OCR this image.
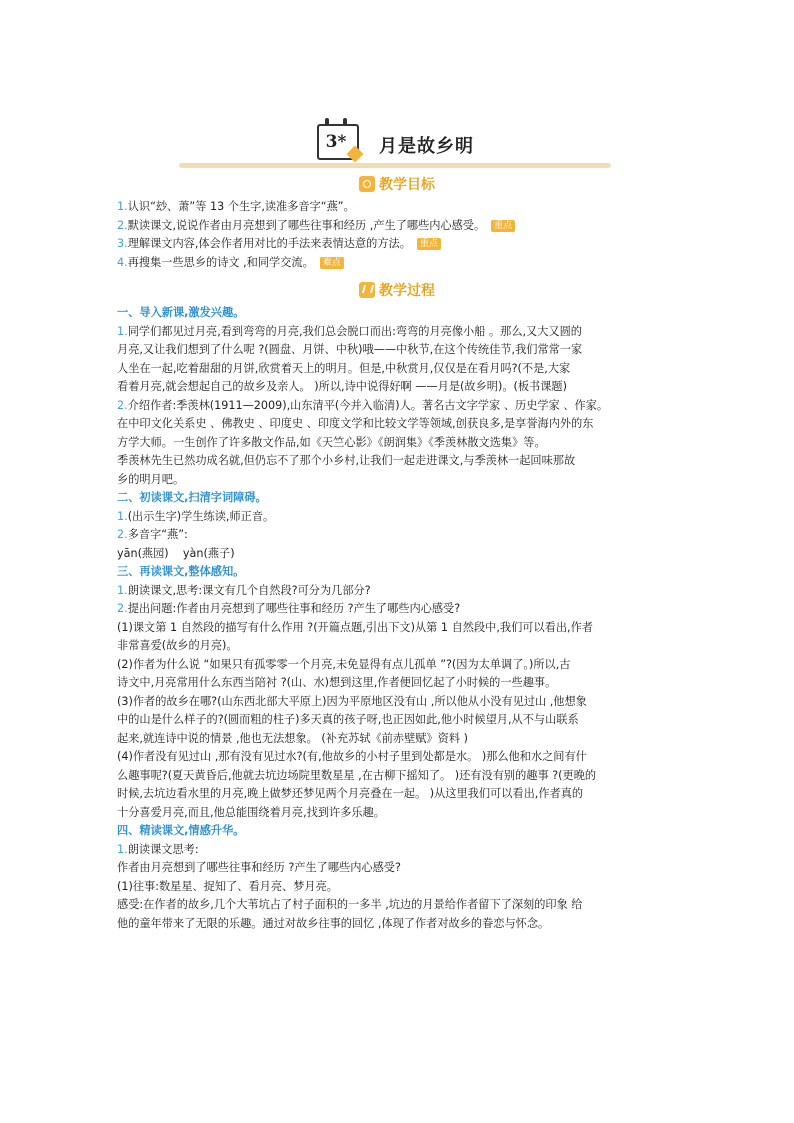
3*	月是故乡明
教学目标

1.认识“玅、萧”等 13 个生字,读准多音字“燕”。

2.默读课文,说说作者由月亮想到了哪些往事和经历 ,产生了哪些内心感受。 重点

3.理解课文内容,体会作者用对比的手法来表情达意的方法。 重点

4.再搜集一些思乡的诗文 ,和同学交流。 难点

教学过程

一、导入新课,激发兴趣。

1.同学们都见过月亮,看到弯弯的月亮,我们总会脱口而出:弯弯的月亮像小船 。那么,又大又圆的

月亮,又让我们想到了什么呢 ?(圆盘、月饼、中秋)哦——中秋节,在这个传统佳节,我们常常一家

人坐在一起,吃着甜甜的月饼,欣赏着天上的明月。但是,中秋赏月,仅仅是在看月吗?(不是,大家

看着月亮,就会想起自己的故乡及亲人。 )所以,诗中说得好啊 ——月是(故乡明)。(板书课题)

2.介绍作者:季羡林(1911—2009),山东清平(今并入临清)人。著名古文字学家 、历史学家 、作家。

在中印文化关系史 、佛教史 、印度史 、印度文学和比较文学等领域,创获良多,是享誉海内外的东

方学大师。一生创作了许多散文作品,如《天竺心影》《朗润集》《季羡林散文选集》等。

季羡林先生已然功成名就,但仍忘不了那个小乡村,让我们一起走进课文,与季羡林一起回味那故

乡的明月吧。

二、初读课文,扫清字词障碍。

1.(出示生字)学生练读,师正音。

2.多音字“燕”:

yān(燕园)    yàn(燕子)

三、再读课文,整体感知。

1.朗读课文,思考:课文有几个自然段?可分为几部分?

2.提出问题:作者由月亮想到了哪些往事和经历 ?产生了哪些内心感受?

(1)课文第 1 自然段的描写有什么作用 ?(开篇点题,引出下文)从第 1 自然段中,我们可以看出,作者

非常喜爱(故乡的月亮)。

(2)作者为什么说 “如果只有孤零零一个月亮,未免显得有点儿孤单 ”?(因为太单调了。)所以,古

诗文中,月亮常用什么东西当陪衬 ?(山、水)想到这里,作者便回忆起了小时候的一些趣事。

(3)作者的故乡在哪?(山东西北部大平原上)因为平原地区没有山 ,所以他从小没有见过山 ,他想象

中的山是什么样子的?(圆而粗的柱子)多天真的孩子呀,也正因如此,他小时候望月,从不与山联系

起来,就连诗中说的情景 ,他也无法想象。 (补充苏轼《前赤壁赋》资料 )

(4)作者没有见过山 ,那有没有见过水?(有,他故乡的小村子里到处都是水。 )那么他和水之间有什

么趣事呢?(夏天黄昏后,他就去坑边场院里数星星 ,在古柳下摇知了。 )还有没有别的趣事 ?(更晚的

时候,去坑边看水里的月亮,晚上做梦还梦见两个月亮叠在一起。 )从这里我们可以看出,作者真的

十分喜爱月亮,而且,他总能围绕着月亮,找到许多乐趣。

四、精读课文,情感升华。

1.朗读课文思考:

作者由月亮想到了哪些往事和经历 ?产生了哪些内心感受?

(1)往事:数星星、捉知了、看月亮、梦月亮。

感受:在作者的故乡,几个大苇坑占了村子面积的一多半 ,坑边的月景给作者留下了深刻的印象 给

他的童年带来了无限的乐趣。通过对故乡往事的回忆 ,体现了作者对故乡的眷恋与怀念。
